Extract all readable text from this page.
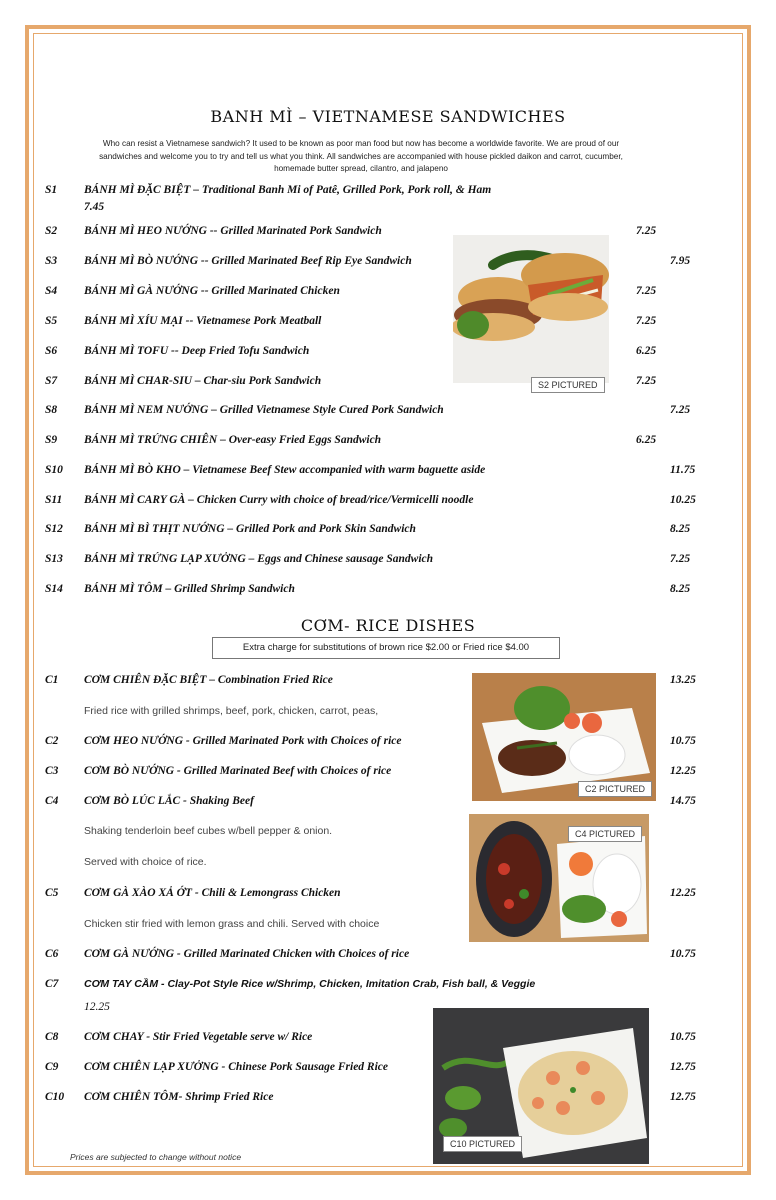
BANH MÌ – VIETNAMESE SANDWICHES
Who can resist a Vietnamese sandwich? It used to be known as poor man food but now has become a worldwide favorite. We are proud of our sandwiches and welcome you to try and tell us what you think. All sandwiches are accompanied with house pickled daikon and carrot, cucumber, homemade butter spread, cilantro, and jalapeno
S1 BÁNH MÌ ĐẶC BIỆT – Traditional Banh Mi of Patê, Grilled Pork, Pork roll, & Ham
7.45
S2 BÁNH MÌ HEO NƯỚNG -- Grilled Marinated Pork Sandwich	7.25
S3 BÁNH MÌ BÒ NƯỚNG -- Grilled Marinated Beef Rip Eye Sandwich	7.95
S4 BÁNH MÌ GÀ NƯỚNG -- Grilled Marinated Chicken	7.25
S5 BÁNH MÌ XÍU MẠI -- Vietnamese Pork Meatball	7.25
S6 BÁNH MÌ TOFU -- Deep Fried Tofu Sandwich	6.25
S7 BÁNH MÌ CHAR-SIU – Char-siu Pork Sandwich	7.25
S8 BÁNH MÌ NEM NƯỚNG – Grilled Vietnamese Style Cured Pork Sandwich	7.25
S9 BÁNH MÌ TRỨNG CHIÊN – Over-easy Fried Eggs Sandwich	6.25
S10 BÁNH MÌ BÒ KHO – Vietnamese Beef Stew accompanied with warm baguette aside	11.75
S11 BÁNH MÌ CARY GÀ – Chicken Curry with choice of bread/rice/Vermicelli noodle	10.25
S12 BÁNH MÌ BÌ THỊT NƯỚNG – Grilled Pork and Pork Skin Sandwich	8.25
S13 BÁNH MÌ TRỨNG LẠP XƯỞNG – Eggs and Chinese sausage Sandwich	7.25
S14 BÁNH MÌ TÔM – Grilled Shrimp Sandwich	8.25
S2 PICTURED
CƠM- RICE DISHES
Extra charge for substitutions of brown rice $2.00 or Fried rice $4.00
C1 CƠM CHIÊN ĐẶC BIỆT – Combination Fried Rice	13.25
Fried rice with grilled shrimps, beef, pork, chicken, carrot, peas,
C2 CƠM HEO NƯỚNG - Grilled Marinated Pork with Choices of rice	10.75
C3 CƠM BÒ NƯỚNG - Grilled Marinated Beef with Choices of rice	12.25
C4 CƠM BÒ LÚC LẮC - Shaking Beef	14.75
Shaking tenderloin beef cubes w/bell pepper & onion.
Served with choice of rice.
C5 CƠM GÀ XÀO XẢ ỚT - Chili & Lemongrass Chicken	12.25
Chicken stir fried with lemon grass and chili. Served with choice
C6 CƠM GÀ NƯỚNG - Grilled Marinated Chicken with Choices of rice	10.75
C7 CƠM TAY CẦM - Clay-Pot Style Rice w/Shrimp, Chicken, Imitation Crab, Fish ball, & Veggie
12.25
C8 CƠM CHAY - Stir Fried Vegetable serve w/ Rice	10.75
C9 CƠM CHIÊN LẠP XƯỞNG - Chinese Pork Sausage Fried Rice	12.75
C10 CƠM CHIÊN TÔM- Shrimp Fried Rice	12.75
C2 PICTURED
C4 PICTURED
C10 PICTURED
Prices are subjected to change without notice
